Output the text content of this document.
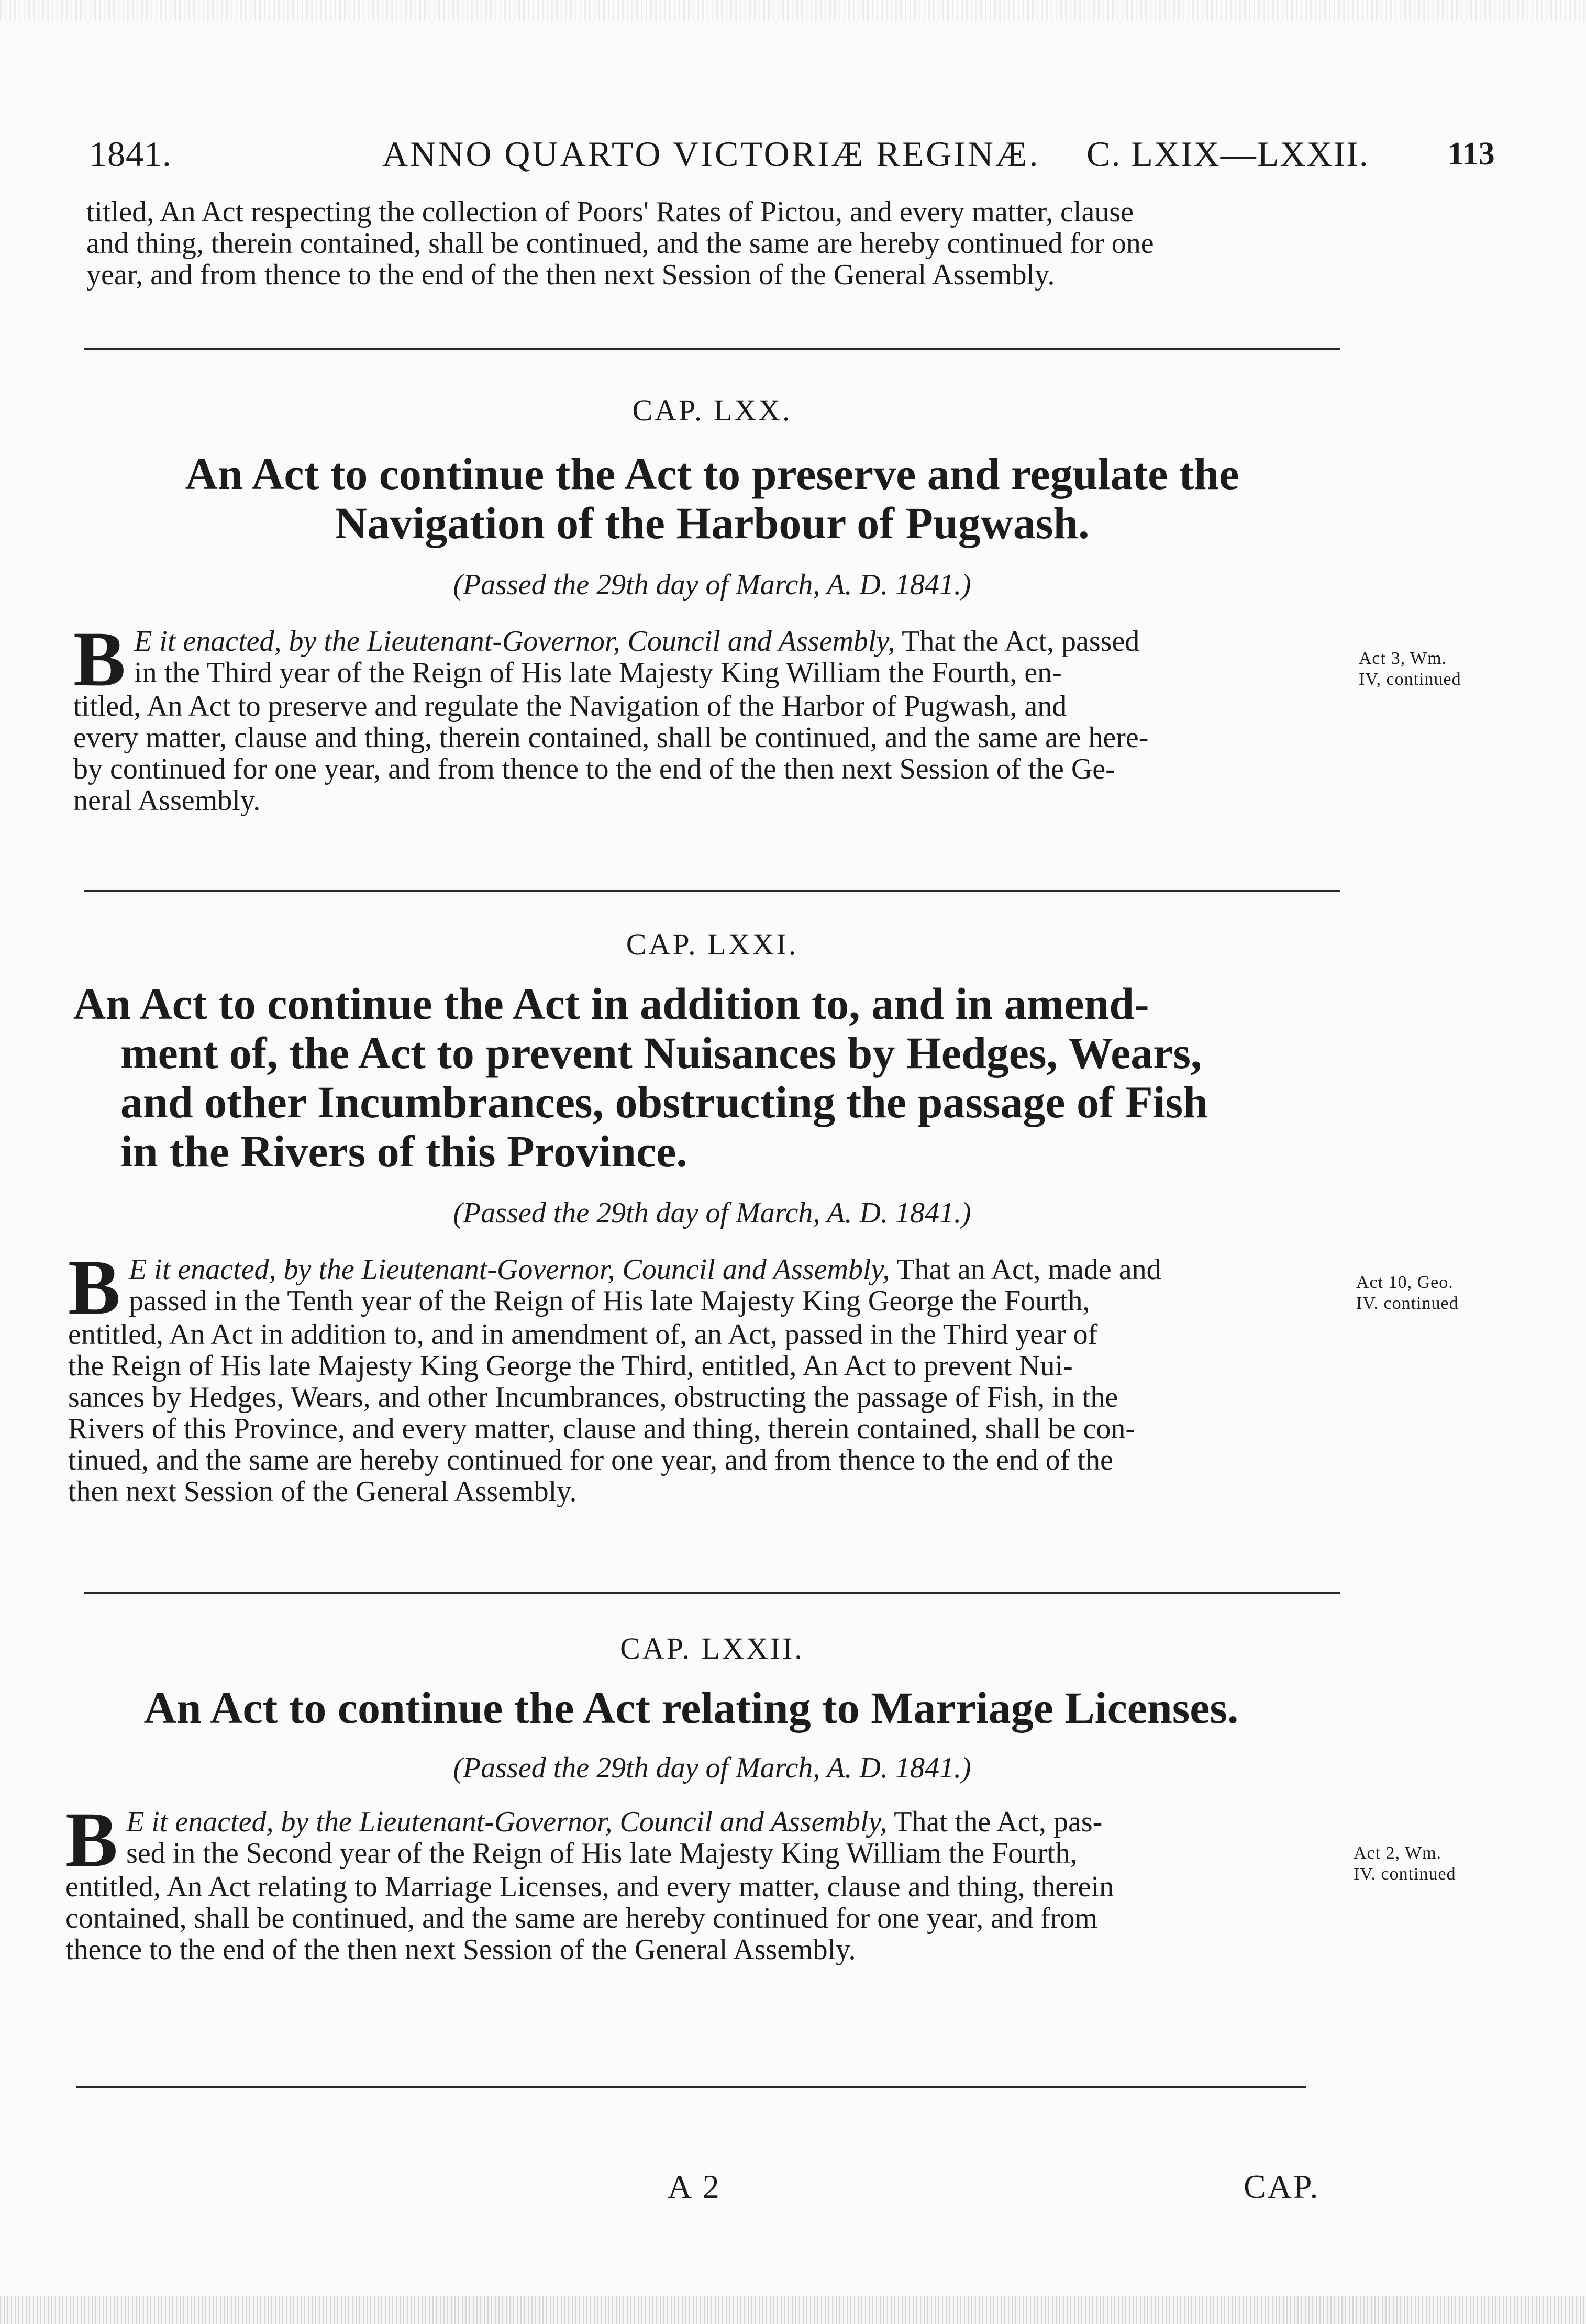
1841.	ANNO QUARTO VICTORIÆ REGINÆ. C. LXIX—LXXII. 113

titled, An Act respecting the collection of Poors' Rates of Pictou, and every matter, clause
and thing, therein contained, shall be continued, and the same are hereby continued for one
year, and from thence to the end of the then next Session of the General Assembly.

CAP. LXX.
An Act to continue the Act to preserve and regulate the
Navigation of the Harbour of Pugwash.
(Passed the 29th day of March, A. D. 1841.)
B E it enacted, by the Lieutenant-Governor, Council and Assembly, That the Act, passed
in the Third year of the Reign of His late Majesty King William the Fourth, en-
titled, An Act to preserve and regulate the Navigation of the Harbor of Pugwash, and
every matter, clause and thing, therein contained, shall be continued, and the same are here-
by continued for one year, and from thence to the end of the then next Session of the Ge-
neral Assembly.
Act 3, Wm.
IV, continued
CAP. LXXI.
An Act to continue the Act in addition to, and in amend-
ment of, the Act to prevent Nuisances by Hedges, Wears,
and other Incumbrances, obstructing the passage of Fish
in the Rivers of this Province.
(Passed the 29th day of March, A. D. 1841.)
B E it enacted, by the Lieutenant-Governor, Council and Assembly, That an Act, made and
passed in the Tenth year of the Reign of His late Majesty King George the Fourth,
entitled, An Act in addition to, and in amendment of, an Act, passed in the Third year of
the Reign of His late Majesty King George the Third, entitled, An Act to prevent Nui-
sances by Hedges, Wears, and other Incumbrances, obstructing the passage of Fish, in the
Rivers of this Province, and every matter, clause and thing, therein contained, shall be con-
tinued, and the same are hereby continued for one year, and from thence to the end of the
then next Session of the General Assembly.
Act 10, Geo.
IV. continued
CAP. LXXII.
An Act to continue the Act relating to Marriage Licenses.
(Passed the 29th day of March, A. D. 1841.)
B E it enacted, by the Lieutenant-Governor, Council and Assembly, That the Act, pas-
sed in the Second year of the Reign of His late Majesty King William the Fourth,
entitled, An Act relating to Marriage Licenses, and every matter, clause and thing, therein
contained, shall be continued, and the same are hereby continued for one year, and from
thence to the end of the then next Session of the General Assembly.
Act 2, Wm.
IV. continued
A 2	CAP.
